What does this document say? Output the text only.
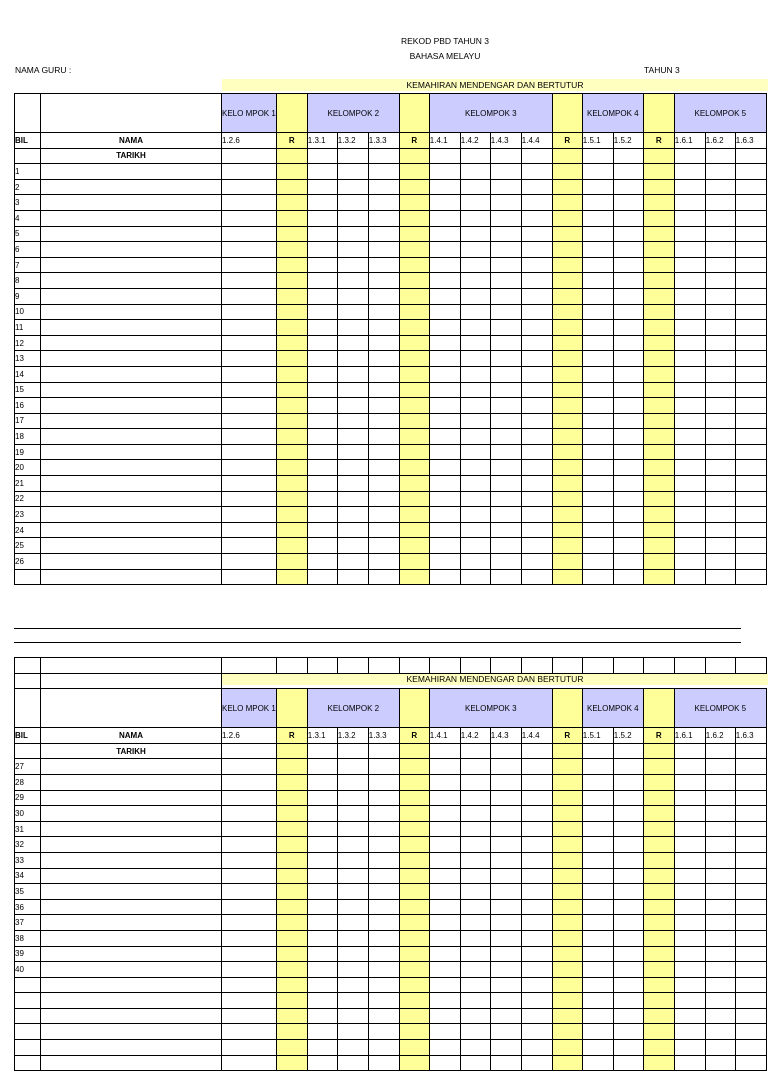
REKOD PBD TAHUN 3
BAHASA MELAYU
NAMA GURU :	TAHUN 3
KEMAHIRAN MENDENGAR DAN BERTUTUR
		KELO MPOK 1		KELOMPOK 2				KELOMPOK 3					KELOMPOK 4			KELOMPOK 5		
BIL	NAMA	1.2.6	R	1.3.1	1.3.2	1.3.3	R	1.4.1	1.4.2	1.4.3	1.4.4	R	1.5.1	1.5.2	R	1.6.1	1.6.2	1.6.3
	TARIKH																	
1																		
2																		
3																		
4																		
5																		
6																		
7																		
8																		
9																		
10																		
11																		
12																		
13																		
14																		
15																		
16																		
17																		
18																		
19																		
20																		
21																		
22																		
23																		
24																		
25																		
26																		

KEMAHIRAN MENDENGAR DAN BERTUTUR

		KELO MPOK 1		KELOMPOK 2				KELOMPOK 3					KELOMPOK 4			KELOMPOK 5		
BIL	NAMA	1.2.6	R	1.3.1	1.3.2	1.3.3	R	1.4.1	1.4.2	1.4.3	1.4.4	R	1.5.1	1.5.2	R	1.6.1	1.6.2	1.6.3
	TARIKH																	
27																		
28																		
29																		
30																		
31																		
32																		
33																		
34																		
35																		
36																		
37																		
38																		
39																		
40																		
